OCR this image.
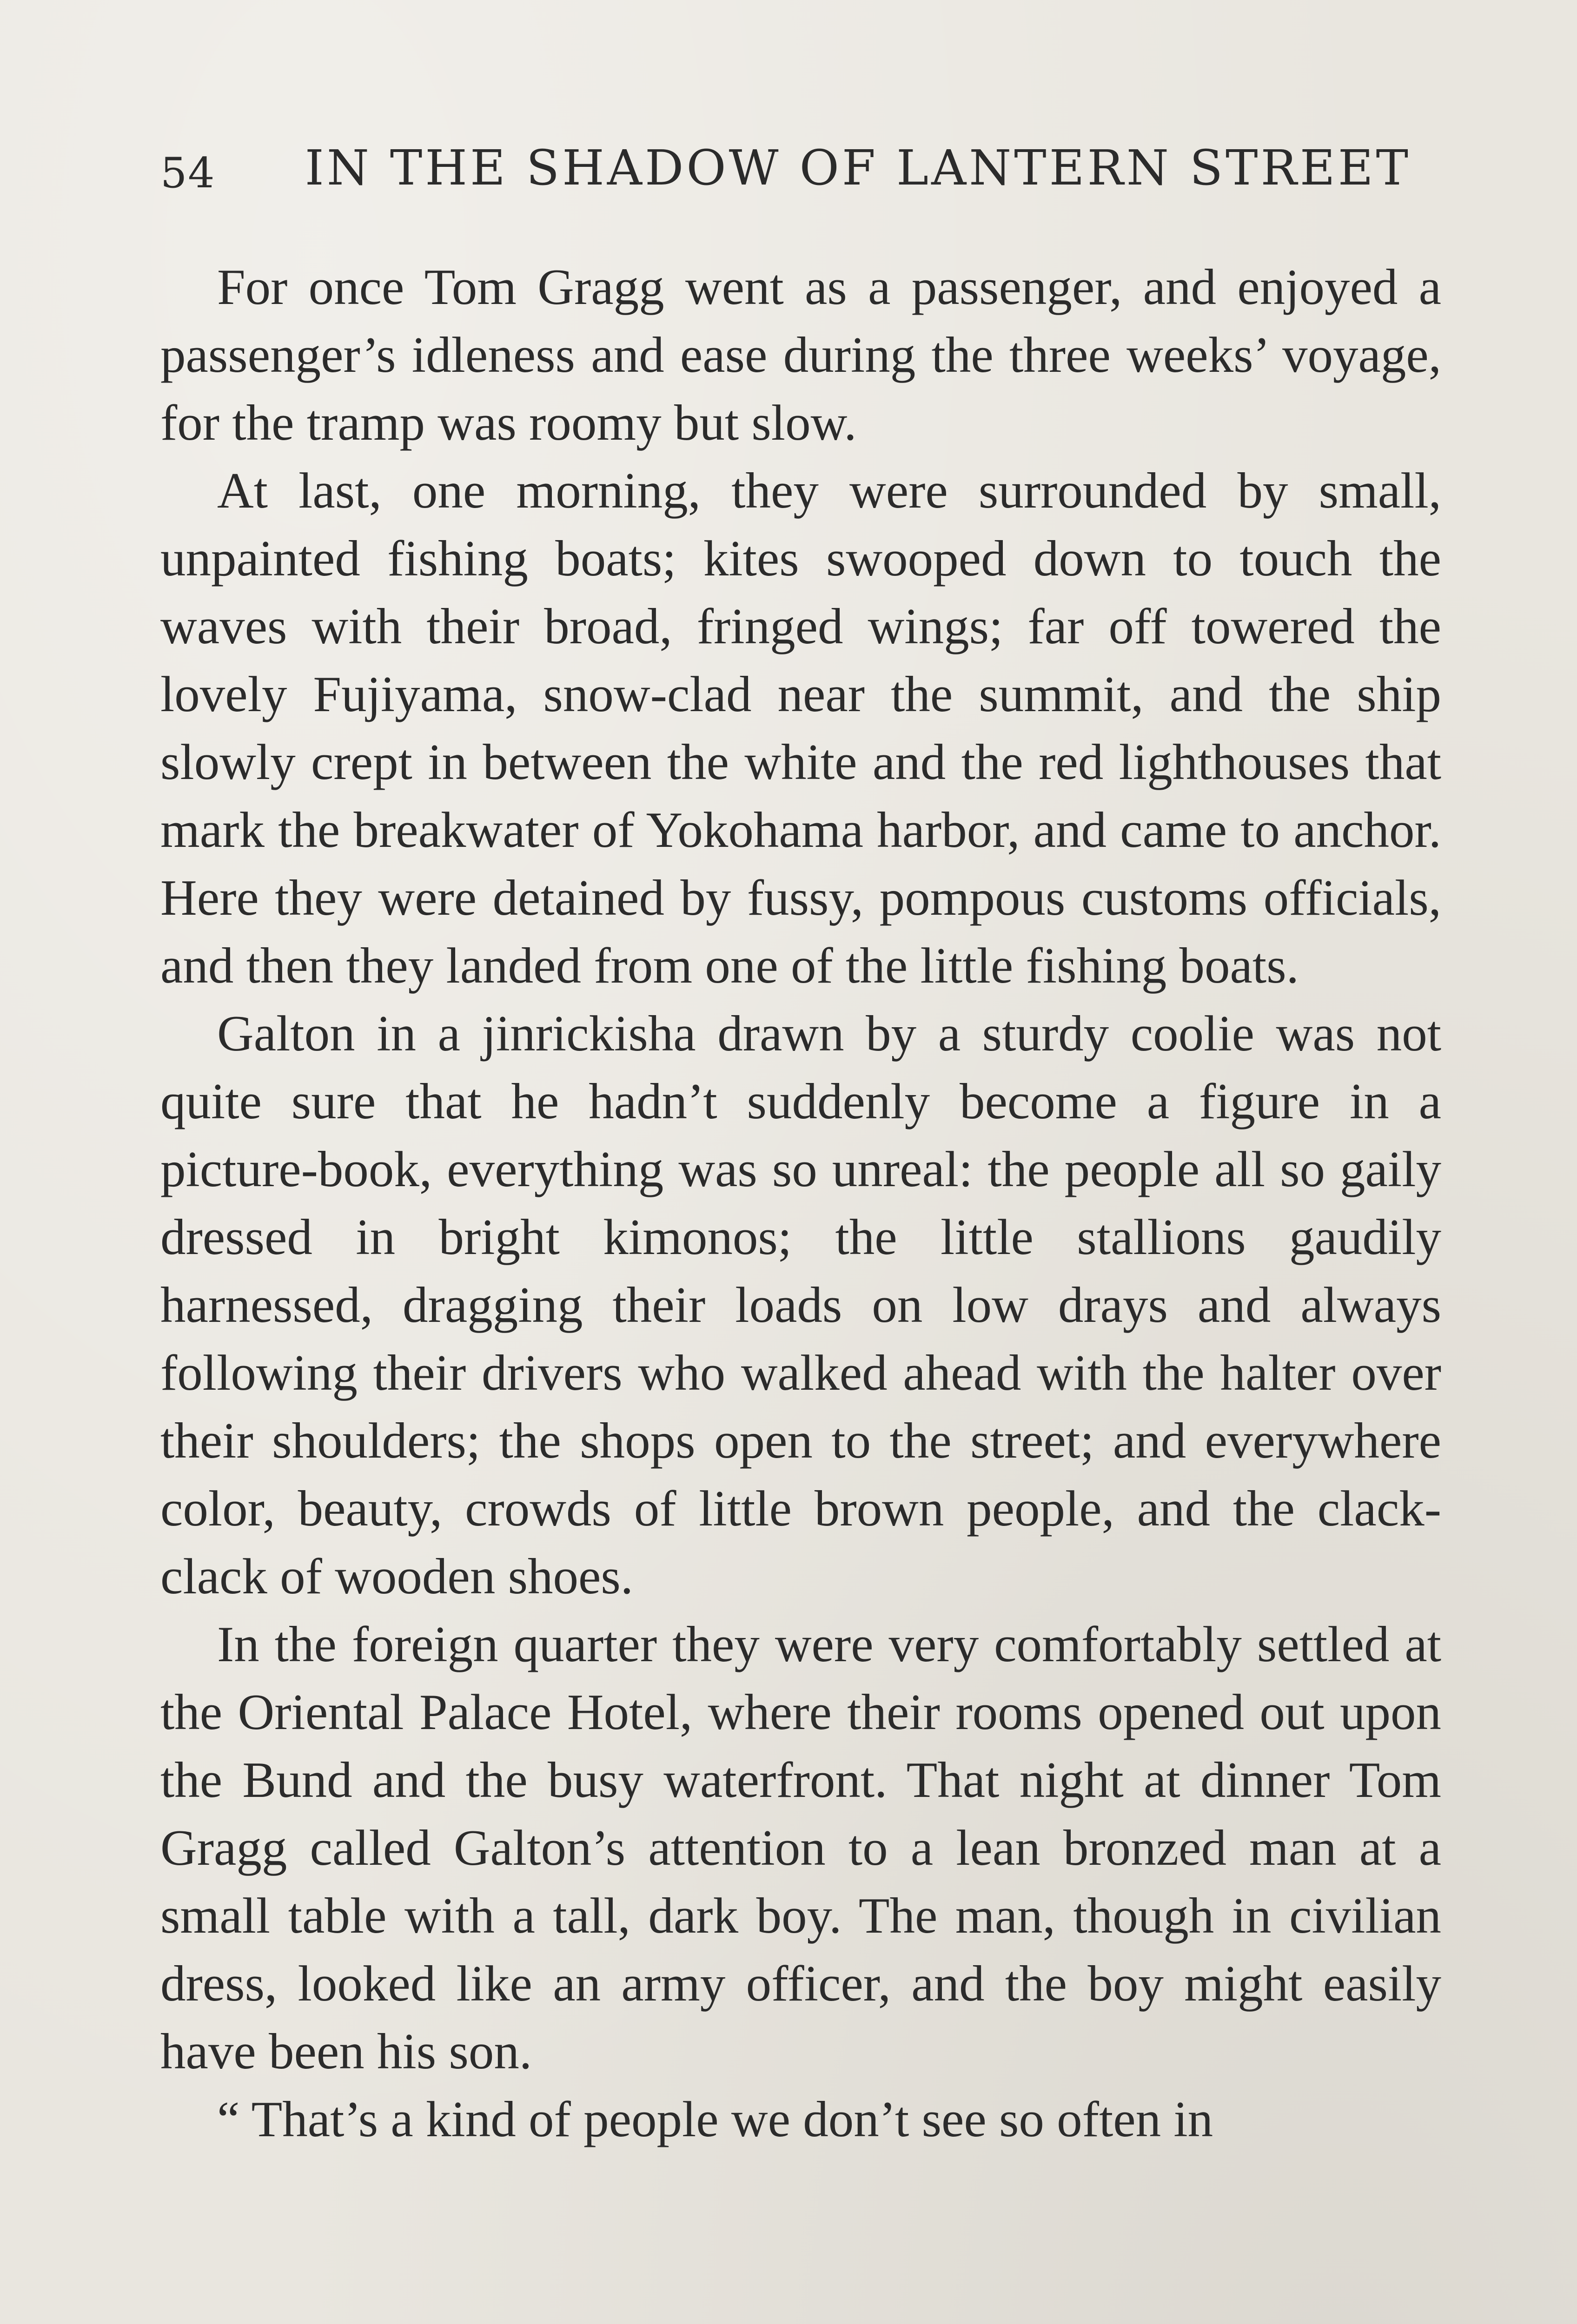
54 IN THE SHADOW OF LANTERN STREET

For once Tom Gragg went as a passenger, and enjoyed a passenger’s idleness and ease during the three weeks’ voyage, for the tramp was roomy but slow.

At last, one morning, they were surrounded by small, unpainted fishing boats; kites swooped down to touch the waves with their broad, fringed wings; far off towered the lovely Fujiyama, snow-clad near the summit, and the ship slowly crept in between the white and the red lighthouses that mark the breakwater of Yokohama harbor, and came to anchor. Here they were detained by fussy, pompous customs officials, and then they landed from one of the little fishing boats.

Galton in a jinrickisha drawn by a sturdy coolie was not quite sure that he hadn’t suddenly become a figure in a picture-book, everything was so unreal: the people all so gaily dressed in bright kimonos; the little stallions gaudily harnessed, dragging their loads on low drays and always following their drivers who walked ahead with the halter over their shoulders; the shops open to the street; and everywhere color, beauty, crowds of little brown people, and the clack-clack of wooden shoes.

In the foreign quarter they were very comfortably settled at the Oriental Palace Hotel, where their rooms opened out upon the Bund and the busy waterfront. That night at dinner Tom Gragg called Galton’s attention to a lean bronzed man at a small table with a tall, dark boy. The man, though in civilian dress, looked like an army officer, and the boy might easily have been his son.

“ That’s a kind of people we don’t see so often in
